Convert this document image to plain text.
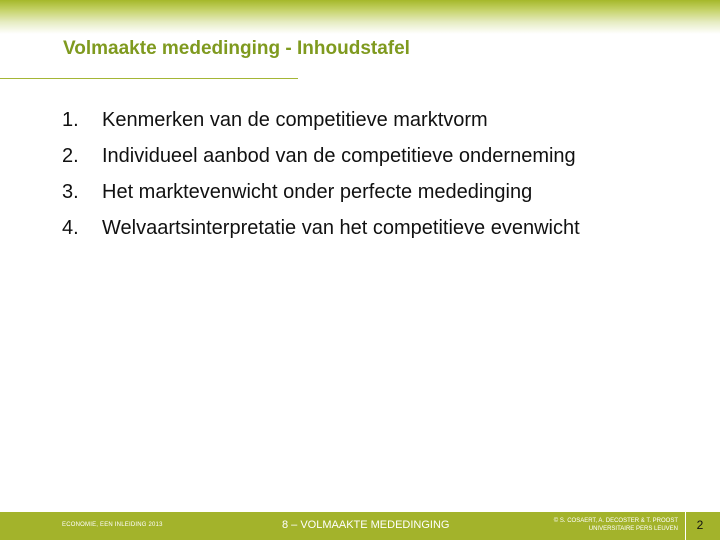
Volmaakte mededinging - Inhoudstafel
1. Kenmerken van de competitieve marktvorm
2. Individueel aanbod van de competitieve onderneming
3. Het marktevenwicht onder perfecte mededinging
4. Welvaartsinterpretatie van het competitieve evenwicht
ECONOMIE, EEN INLEIDING 2013	8 – VOLMAAKTE MEDEDINGING	© S. COSAERT, A. DECOSTER & T. PROOST
UNIVERSITAIRE PERS LEUVEN	2
